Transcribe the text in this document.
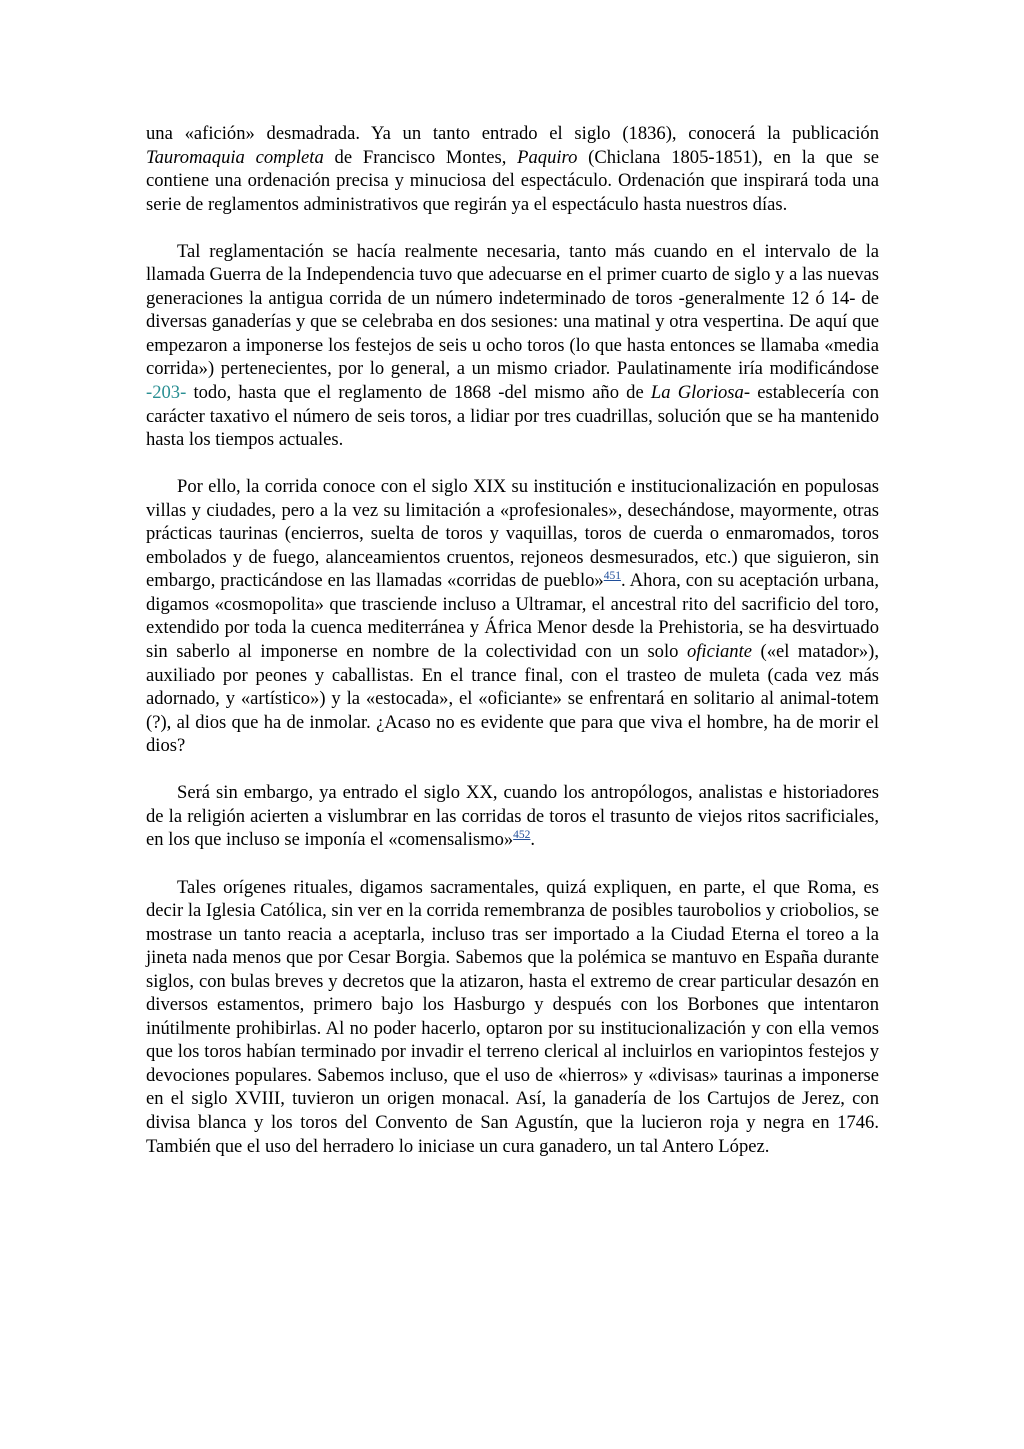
una «afición» desmadrada. Ya un tanto entrado el siglo (1836), conocerá la publicación Tauromaquia completa de Francisco Montes, Paquiro (Chiclana 1805-1851), en la que se contiene una ordenación precisa y minuciosa del espectáculo. Ordenación que inspirará toda una serie de reglamentos administrativos que regirán ya el espectáculo hasta nuestros días.

Tal reglamentación se hacía realmente necesaria, tanto más cuando en el intervalo de la llamada Guerra de la Independencia tuvo que adecuarse en el primer cuarto de siglo y a las nuevas generaciones la antigua corrida de un número indeterminado de toros -generalmente 12 ó 14- de diversas ganaderías y que se celebraba en dos sesiones: una matinal y otra vespertina. De aquí que empezaron a imponerse los festejos de seis u ocho toros (lo que hasta entonces se llamaba «media corrida») pertenecientes, por lo general, a un mismo criador. Paulatinamente iría modificándose -203- todo, hasta que el reglamento de 1868 -del mismo año de La Gloriosa- establecería con carácter taxativo el número de seis toros, a lidiar por tres cuadrillas, solución que se ha mantenido hasta los tiempos actuales.

Por ello, la corrida conoce con el siglo XIX su institución e institucionalización en populosas villas y ciudades, pero a la vez su limitación a «profesionales», desechándose, mayormente, otras prácticas taurinas (encierros, suelta de toros y vaquillas, toros de cuerda o enmaromados, toros embolados y de fuego, alanceamientos cruentos, rejoneos desmesurados, etc.) que siguieron, sin embargo, practicándose en las llamadas «corridas de pueblo»$^{451}$. Ahora, con su aceptación urbana, digamos «cosmopolita» que trasciende incluso a Ultramar, el ancestral rito del sacrificio del toro, extendido por toda la cuenca mediterránea y África Menor desde la Prehistoria, se ha desvirtuado sin saberlo al imponerse en nombre de la colectividad con un solo oficiante («el matador»), auxiliado por peones y caballistas. En el trance final, con el trasteo de muleta (cada vez más adornado, y «artístico») y la «estocada», el «oficiante» se enfrentará en solitario al animal-totem (?), al dios que ha de inmolar. ¿Acaso no es evidente que para que viva el hombre, ha de morir el dios?

Será sin embargo, ya entrado el siglo XX, cuando los antropólogos, analistas e historiadores de la religión acierten a vislumbrar en las corridas de toros el trasunto de viejos ritos sacrificiales, en los que incluso se imponía el «comensalismo»$^{452}$.

Tales orígenes rituales, digamos sacramentales, quizá expliquen, en parte, el que Roma, es decir la Iglesia Católica, sin ver en la corrida remembranza de posibles taurobolios y criobolios, se mostrase un tanto reacia a aceptarla, incluso tras ser importado a la Ciudad Eterna el toreo a la jineta nada menos que por Cesar Borgia. Sabemos que la polémica se mantuvo en España durante siglos, con bulas breves y decretos que la atizaron, hasta el extremo de crear particular desazón en diversos estamentos, primero bajo los Hasburgo y después con los Borbones que intentaron inútilmente prohibirlas. Al no poder hacerlo, optaron por su institucionalización y con ella vemos que los toros habían terminado por invadir el terreno clerical al incluirlos en variopintos festejos y devociones populares. Sabemos incluso, que el uso de «hierros» y «divisas» taurinas a imponerse en el siglo XVIII, tuvieron un origen monacal. Así, la ganadería de los Cartujos de Jerez, con divisa blanca y los toros del Convento de San Agustín, que la lucieron roja y negra en 1746. También que el uso del herradero lo iniciase un cura ganadero, un tal Antero López.
